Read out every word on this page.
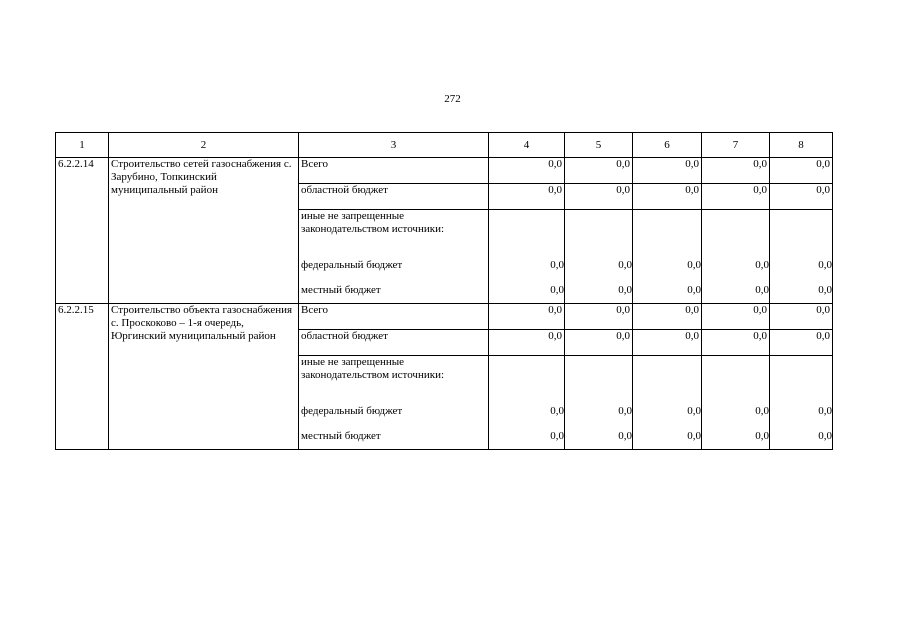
272
1	2	3	4	5	6	7	8
6.2.2.14	Строительство сетей газоснабжения с. Зарубино, Топкинский муниципальный район	Всего	0,0	0,0	0,0	0,0	0,0
		областной бюджет	0,0	0,0	0,0	0,0	0,0

		иные не запрещенные законодательством источники:					

		федеральный бюджет	0,0	0,0	0,0	0,0	0,0
		местный бюджет	0,0	0,0	0,0	0,0	0,0
6.2.2.15	Строительство объекта газоснабжения с. Проскоково – 1-я очередь, Юргинский муниципальный район	Всего	0,0	0,0	0,0	0,0	0,0
		областной бюджет	0,0	0,0	0,0	0,0	0,0

		иные не запрещенные законодательством источники:					

		федеральный бюджет	0,0	0,0	0,0	0,0	0,0
		местный бюджет	0,0	0,0	0,0	0,0	0,0
